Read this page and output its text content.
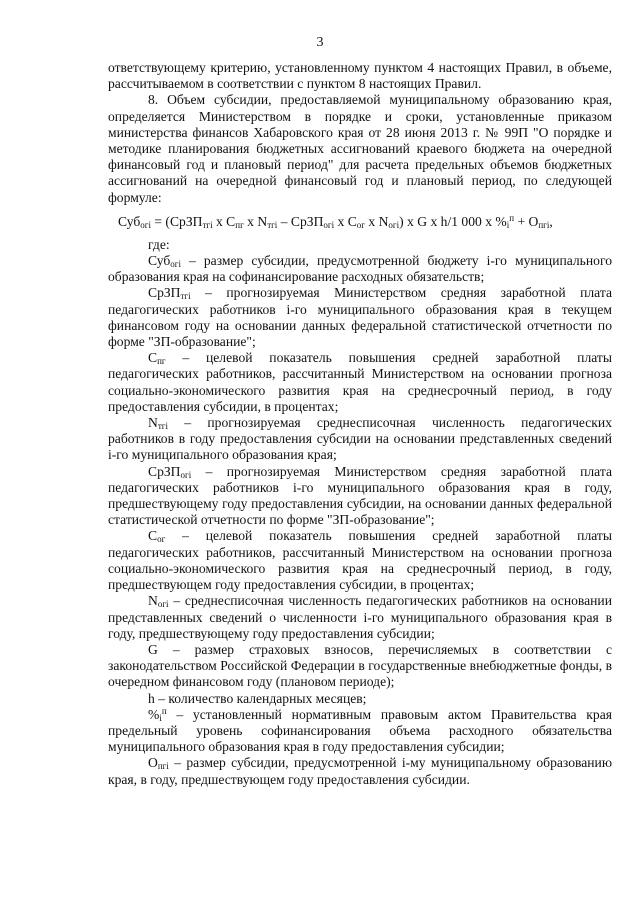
3

ответствующему критерию, установленному пунктом 4 настоящих Правил, в объеме, рассчитываемом в соответствии с пунктом 8 настоящих Правил.

8. Объем субсидии, предоставляемой муниципальному образованию края, определяется Министерством в порядке и сроки, установленные приказом министерства финансов Хабаровского края от 28 июня 2013 г. № 99П "О порядке и методике планирования бюджетных ассигнований краевого бюджета на очередной финансовый год и плановый период" для расчета предельных объемов бюджетных ассигнований на очередной финансовый год и плановый период, по следующей формуле:

Суб$_{огi}$ = (СрЗП$_{тгi}$ x $С_{пг}$ x $N_{тгi}$ – СрЗП$_{огi}$ x $С_{ог}$ x $N_{огi}$) x G x h/1 000 x $\%_i^п + О_{пгi}$,

где:

Суб$_{огi}$ – размер субсидии, предусмотренной бюджету i-го муниципального образования края на софинансирование расходных обязательств;

СрЗП$_{тгi}$ – прогнозируемая Министерством средняя заработной плата педагогических работников i-го муниципального образования края в текущем финансовом году на основании данных федеральной статистической отчетности по форме "ЗП-образование";

$С_{пг}$ – целевой показатель повышения средней заработной платы педагогических работников, рассчитанный Министерством на основании прогноза социально-экономического развития края на среднесрочный период, в году предоставления субсидии, в процентах;

$N_{тгi}$ – прогнозируемая среднесписочная численность педагогических работников в году предоставления субсидии на основании представленных сведений i-го муниципального образования края;

СрЗП$_{огi}$ – прогнозируемая Министерством средняя заработной плата педагогических работников i-го муниципального образования края в году, предшествующему году предоставления субсидии, на основании данных федеральной статистической отчетности по форме "ЗП-образование";

$С_{ог}$ – целевой показатель повышения средней заработной платы педагогических работников, рассчитанный Министерством на основании прогноза социально-экономического развития края на среднесрочный период, в году, предшествующем году предоставления субсидии, в процентах;

$N_{огi}$ – среднесписочная численность педагогических работников на основании представленных сведений о численности i-го муниципального образования края в году, предшествующему году предоставления субсидии;

G – размер страховых взносов, перечисляемых в соответствии с законодательством Российской Федерации в государственные внебюджетные фонды, в очередном финансовом году (плановом периоде);

h – количество календарных месяцев;

$\%_i^п$ – установленный нормативным правовым актом Правительства края предельный уровень софинансирования объема расходного обязательства муниципального образования края в году предоставления субсидии;

$О_{пгi}$ – размер субсидии, предусмотренной i-му муниципальному образованию края, в году, предшествующем году предоставления субсидии.
